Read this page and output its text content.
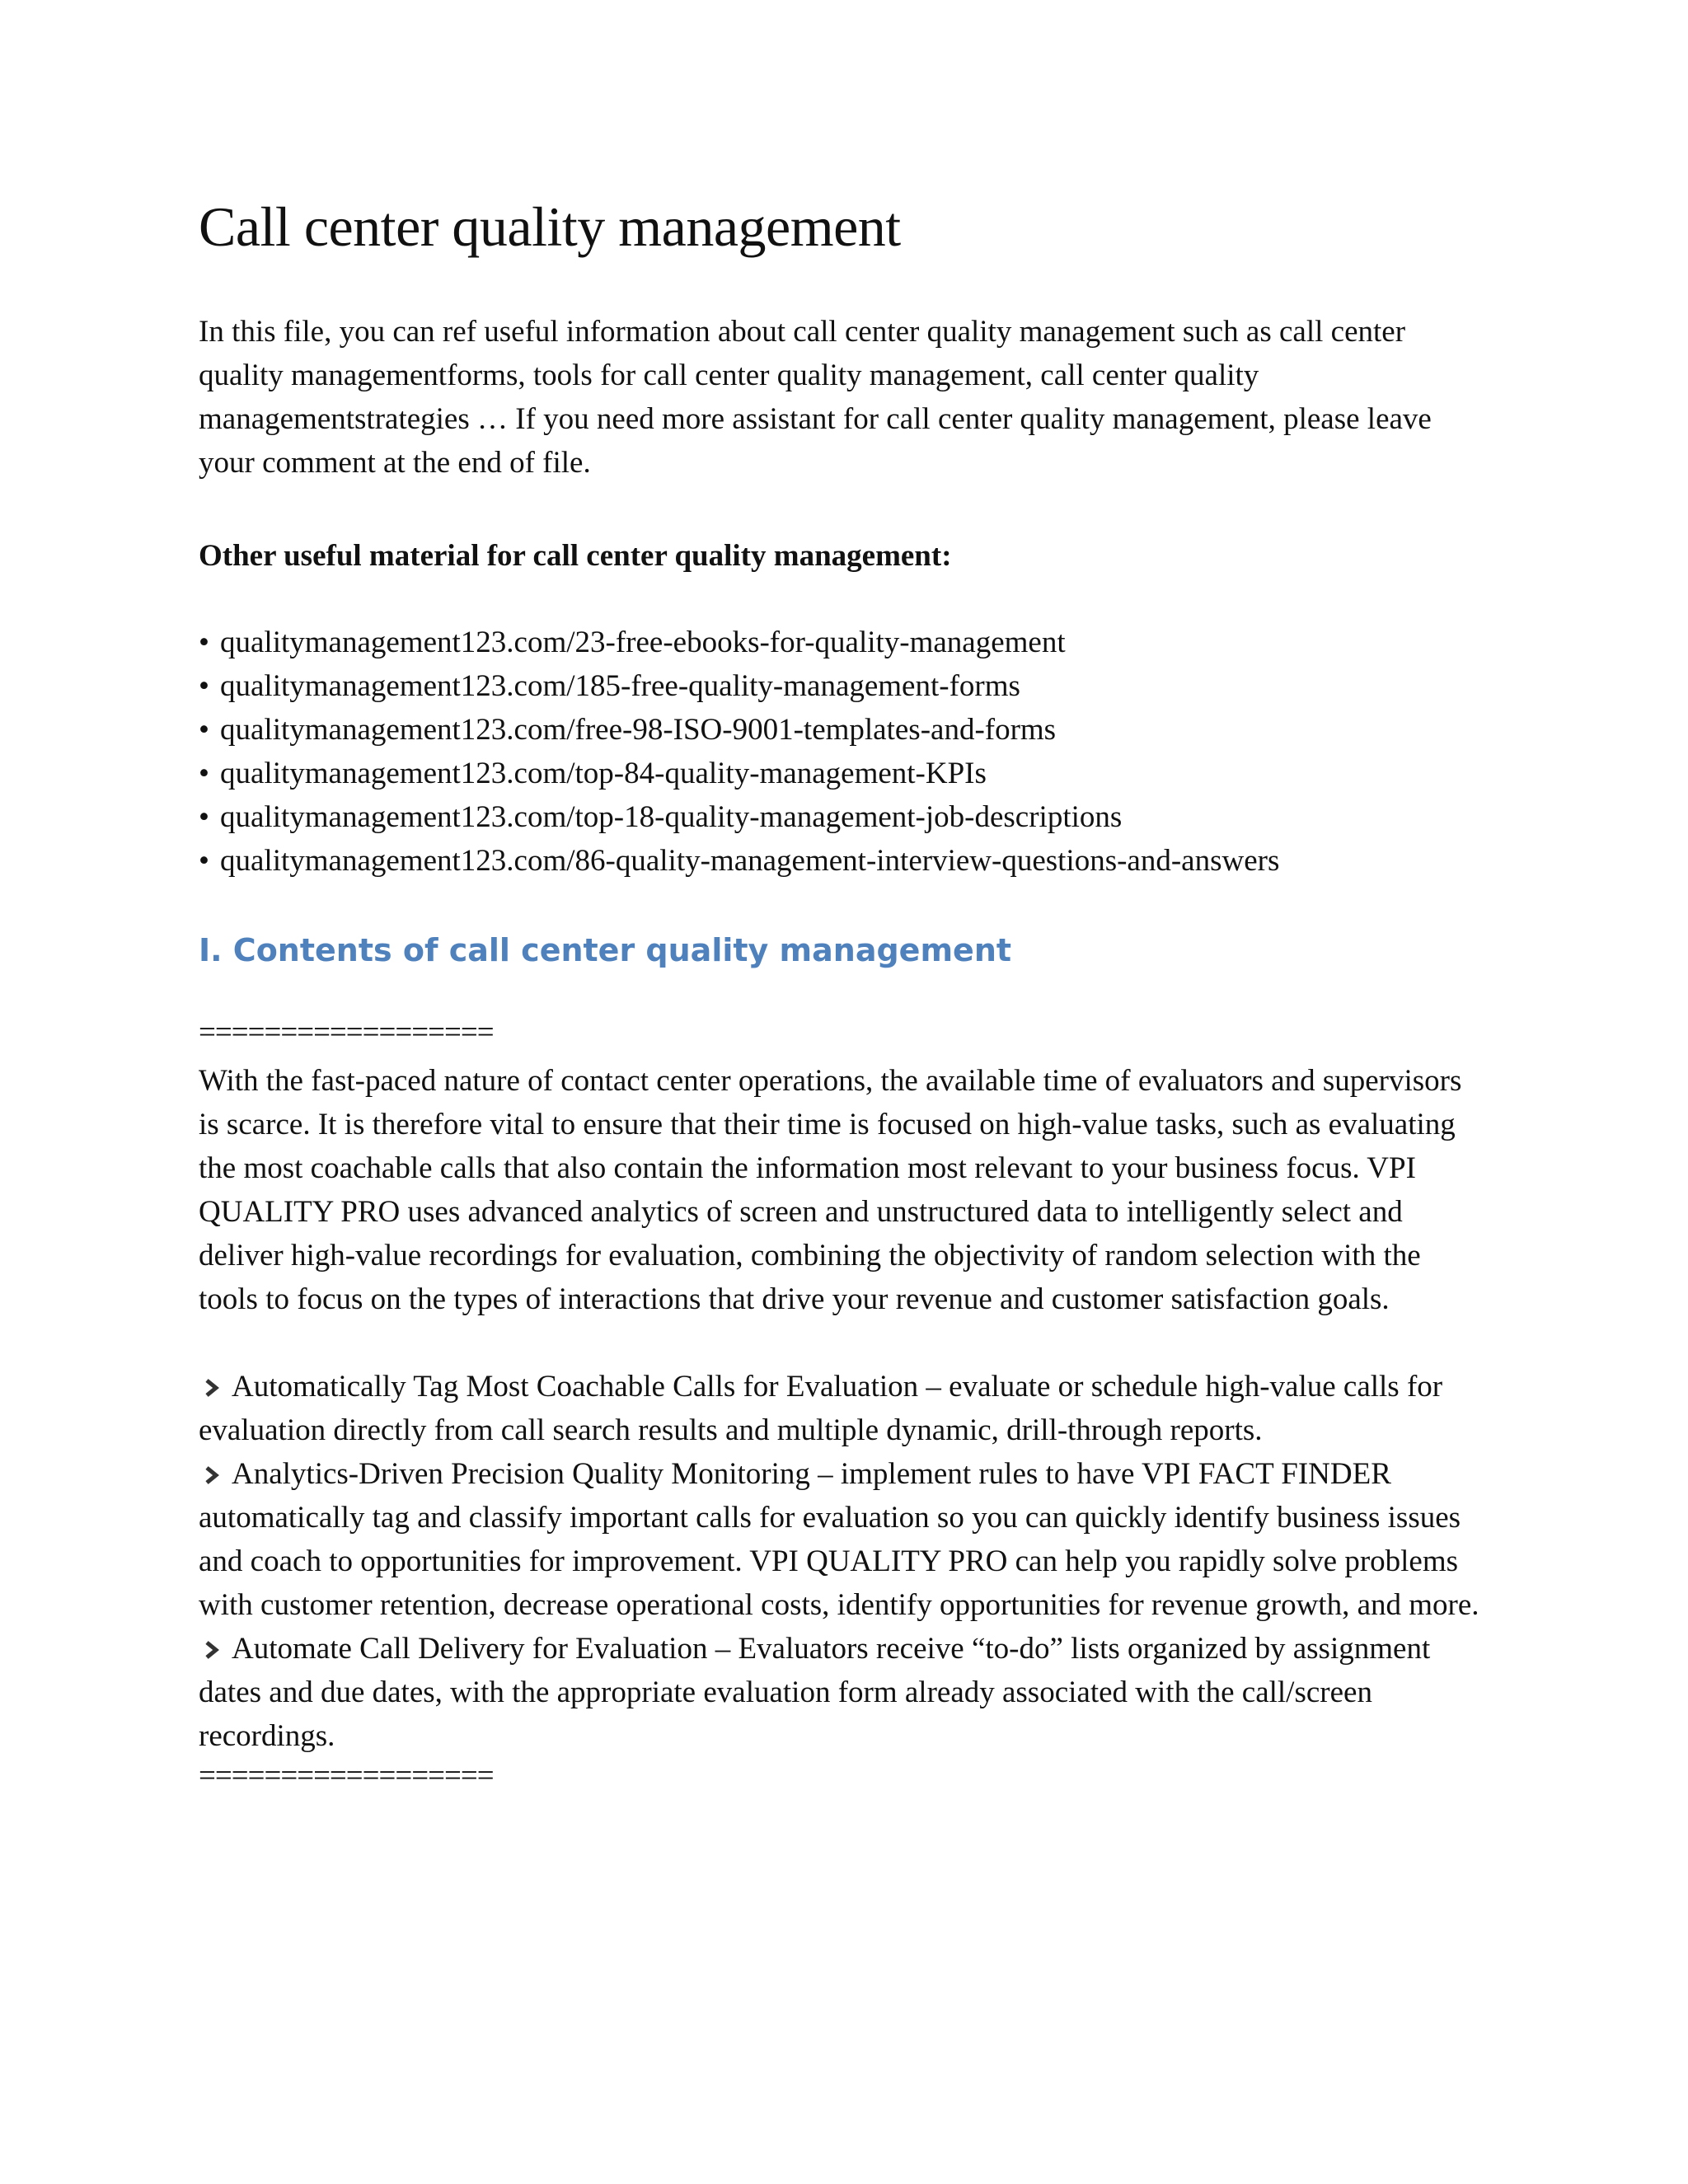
Call center quality management

In this file, you can ref useful information about call center quality management such as call center quality managementforms, tools for call center quality management, call center quality managementstrategies … If you need more assistant for call center quality management, please leave your comment at the end of file.

Other useful material for call center quality management:

• qualitymanagement123.com/23-free-ebooks-for-quality-management
• qualitymanagement123.com/185-free-quality-management-forms
• qualitymanagement123.com/free-98-ISO-9001-templates-and-forms
• qualitymanagement123.com/top-84-quality-management-KPIs
• qualitymanagement123.com/top-18-quality-management-job-descriptions
• qualitymanagement123.com/86-quality-management-interview-questions-and-answers
I. Contents of call center quality management
==================

With the fast-paced nature of contact center operations, the available time of evaluators and supervisors is scarce. It is therefore vital to ensure that their time is focused on high-value tasks, such as evaluating the most coachable calls that also contain the information most relevant to your business focus. VPI QUALITY PRO uses advanced analytics of screen and unstructured data to intelligently select and deliver high-value recordings for evaluation, combining the objectivity of random selection with the tools to focus on the types of interactions that drive your revenue and customer satisfaction goals.

Automatically Tag Most Coachable Calls for Evaluation – evaluate or schedule high-value calls for evaluation directly from call search results and multiple dynamic, drill-through reports.

Analytics-Driven Precision Quality Monitoring – implement rules to have VPI FACT FINDER automatically tag and classify important calls for evaluation so you can quickly identify business issues and coach to opportunities for improvement. VPI QUALITY PRO can help you rapidly solve problems with customer retention, decrease operational costs, identify opportunities for revenue growth, and more.

Automate Call Delivery for Evaluation – Evaluators receive “to-do” lists organized by assignment dates and due dates, with the appropriate evaluation form already associated with the call/screen recordings.

==================
